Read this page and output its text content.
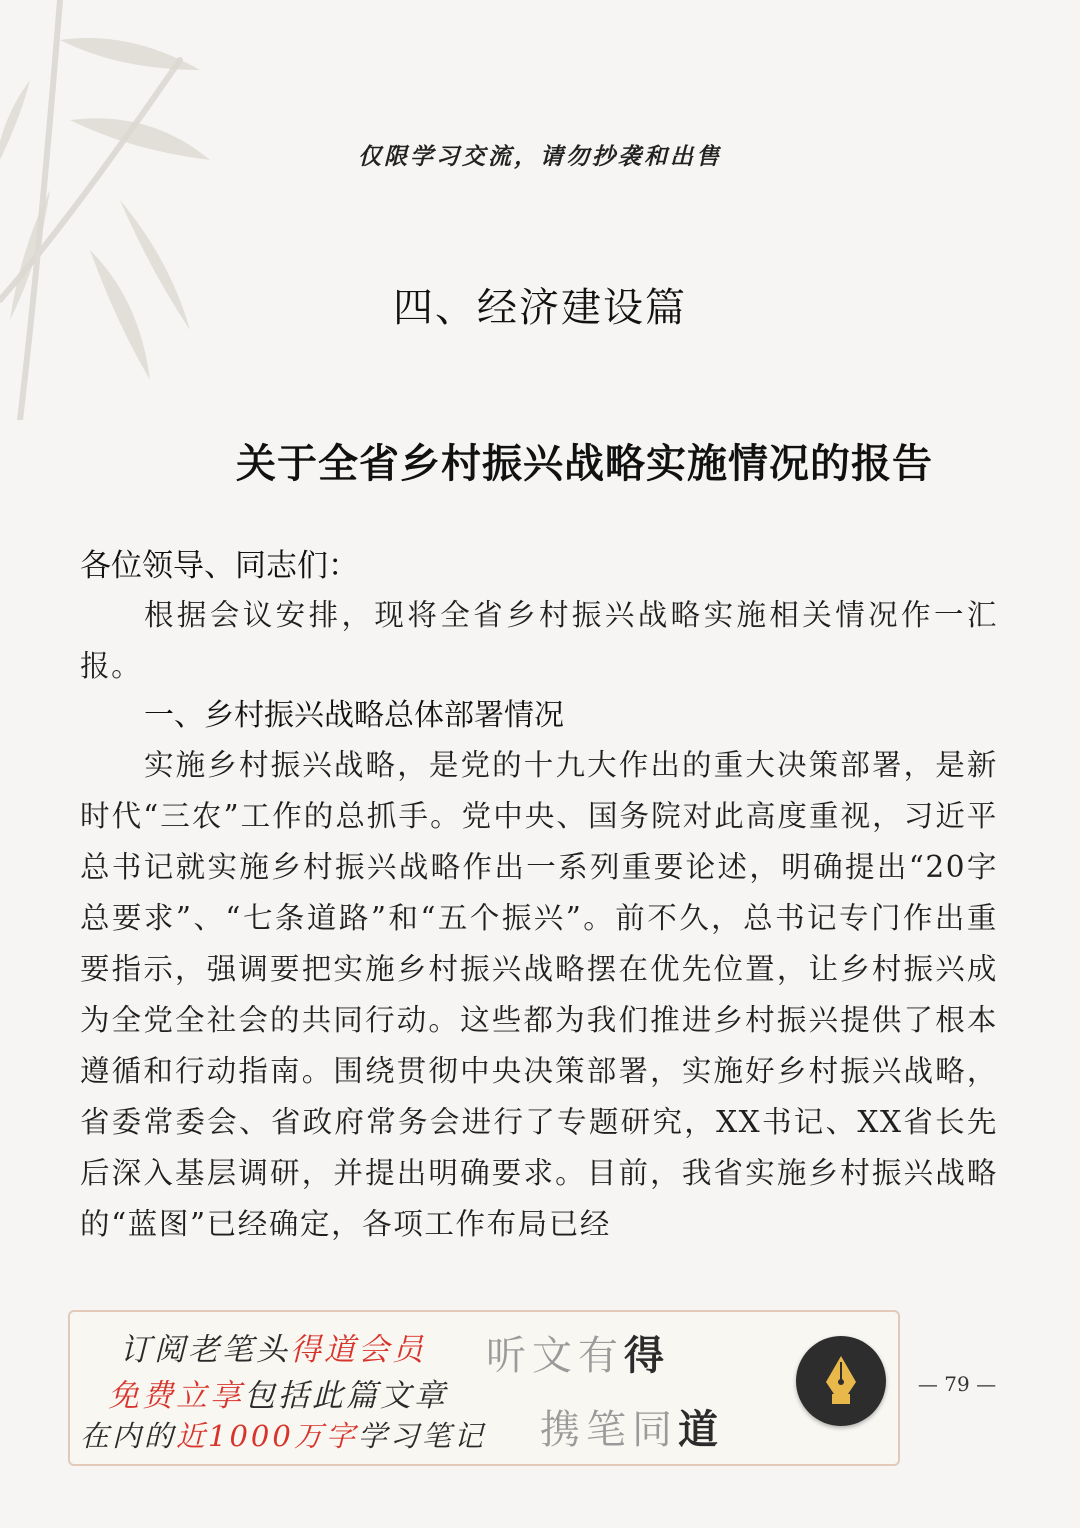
仅限学习交流，请勿抄袭和出售
四、经济建设篇
关于全省乡村振兴战略实施情况的报告
各位领导、同志们：
根据会议安排，现将全省乡村振兴战略实施相关情况作一汇报。
一、乡村振兴战略总体部署情况
实施乡村振兴战略，是党的十九大作出的重大决策部署，是新时代“三农”工作的总抓手。党中央、国务院对此高度重视，习近平总书记就实施乡村振兴战略作出一系列重要论述，明确提出“20字总要求”、“七条道路”和“五个振兴”。前不久，总书记专门作出重要指示，强调要把实施乡村振兴战略摆在优先位置，让乡村振兴成为全党全社会的共同行动。这些都为我们推进乡村振兴提供了根本遵循和行动指南。围绕贯彻中央决策部署，实施好乡村振兴战略，省委常委会、省政府常务会进行了专题研究，XX书记、XX省长先后深入基层调研，并提出明确要求。目前，我省实施乡村振兴战略的“蓝图”已经确定，各项工作布局已经
订阅老笔头得道会员
免费立享包括此篇文章
在内的近1000万字学习笔记
听文有得
携笔同道
— 79 —
